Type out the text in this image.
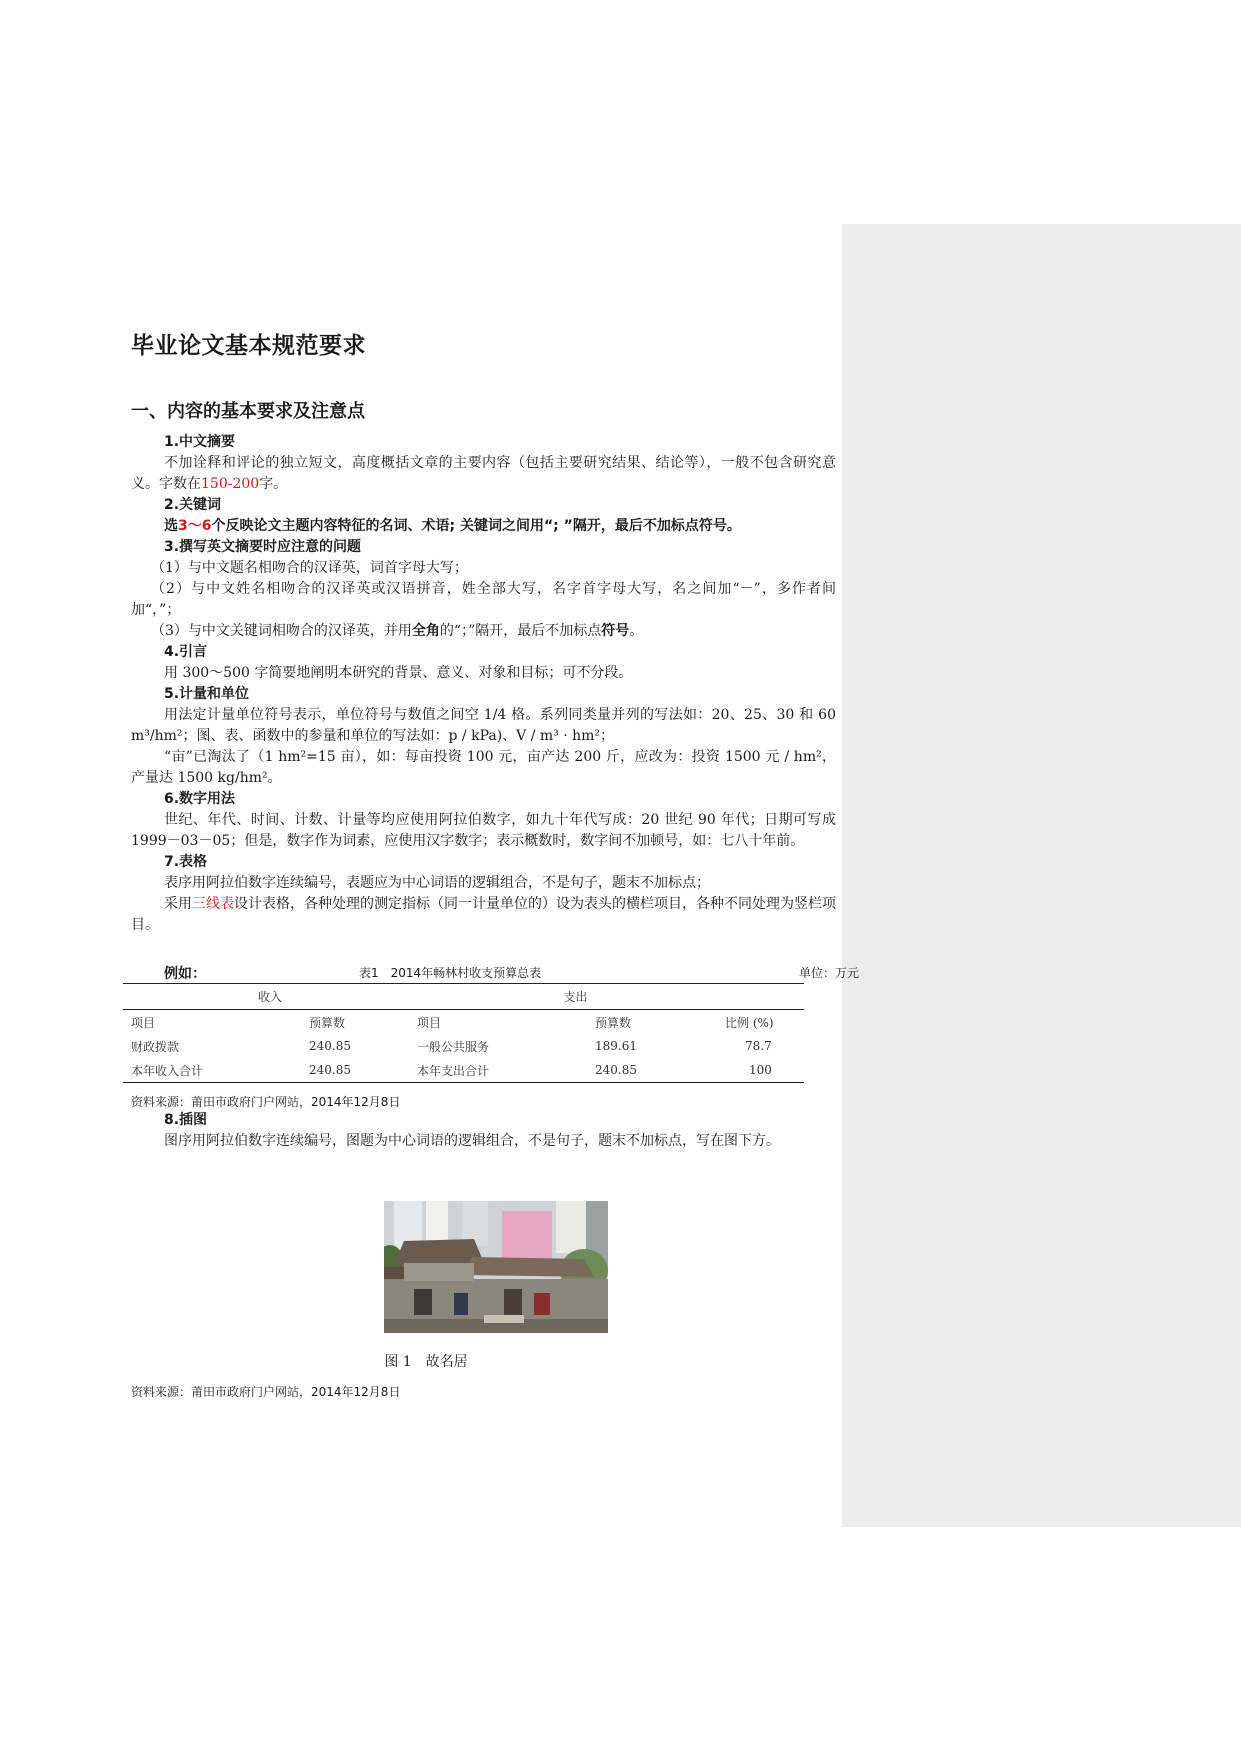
毕业论文基本规范要求
一、内容的基本要求及注意点

1.中文摘要

不加诠释和评论的独立短文，高度概括文章的主要内容（包括主要研究结果、结论等），一般不包含研究意义。字数在150-200字。

2.关键词

选3～6个反映论文主题内容特征的名词、术语; 关键词之间用“; ”隔开，最后不加标点符号。

3.撰写英文摘要时应注意的问题

（1）与中文题名相吻合的汉译英，词首字母大写；

（2）与中文姓名相吻合的汉译英或汉语拼音，姓全部大写，名字首字母大写，名之间加“－”，多作者间加“，”；

（3）与中文关键词相吻合的汉译英，并用全角的“；”隔开，最后不加标点符号。

4.引言

用 300～500 字简要地阐明本研究的背景、意义、对象和目标；可不分段。

5.计量和单位

用法定计量单位符号表示，单位符号与数值之间空 1/4 格。系列同类量并列的写法如：20、25、30 和 60 m³/hm²；图、表、函数中的参量和单位的写法如：p / kPa)、V / m³ · hm²；

“亩”已淘汰了（1 hm²=15 亩），如：每亩投资 100 元，亩产达 200 斤，应改为：投资 1500 元 / hm²，产量达 1500 kg/hm²。

6.数字用法

世纪、年代、时间、计数、计量等均应使用阿拉伯数字，如九十年代写成：20 世纪 90 年代；日期可写成 1999－03－05；但是，数字作为词素，应使用汉字数字；表示概数时，数字间不加顿号，如：七八十年前。

7.表格

表序用阿拉伯数字连续编号，表题应为中心词语的逻辑组合，不是句子，题末不加标点；

采用三线表设计表格，各种处理的测定指标（同一计量单位的）设为表头的横栏项目，各种不同处理为竖栏项目。

例如：	表1　2014年畅林村收支预算总表	单位：万元
收入		支出		
项目	预算数	项目	预算数	比例 (%)
财政拨款	240.85	一般公共服务	189.61	78.7
本年收入合计	240.85	本年支出合计	240.85	100
资料来源：莆田市政府门户网站，2014年12月8日

8.插图

图序用阿拉伯数字连续编号，图题为中心词语的逻辑组合，不是句子，题末不加标点，写在图下方。

图 1　故名居
资料来源：莆田市政府门户网站，2014年12月8日
